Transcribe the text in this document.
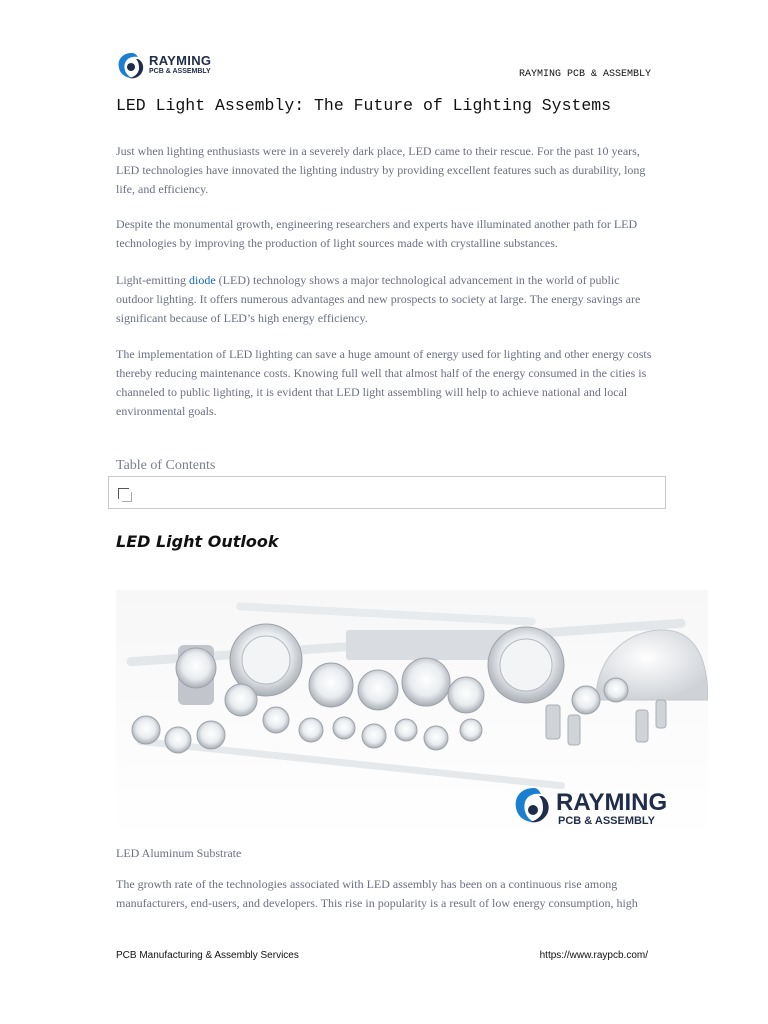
RAYMING
PCB & ASSEMBLY	RAYMING PCB & ASSEMBLY
LED Light Assembly: The Future of Lighting Systems

Just when lighting enthusiasts were in a severely dark place, LED came to their rescue. For the past 10 years, LED technologies have innovated the lighting industry by providing excellent features such as durability, long life, and efficiency.

Despite the monumental growth, engineering researchers and experts have illuminated another path for LED technologies by improving the production of light sources made with crystalline substances.

Light-emitting diode (LED) technology shows a major technological advancement in the world of public outdoor lighting. It offers numerous advantages and new prospects to society at large. The energy savings are significant because of LED’s high energy efficiency.

The implementation of LED lighting can save a huge amount of energy used for lighting and other energy costs thereby reducing maintenance costs. Knowing full well that almost half of the energy consumed in the cities is channeled to public lighting, it is evident that LED light assembling will help to achieve national and local environmental goals.

Table of Contents
LED Light Outlook
RAYMING
PCB & ASSEMBLY
LED Aluminum Substrate

The growth rate of the technologies associated with LED assembly has been on a continuous rise among manufacturers, end-users, and developers. This rise in popularity is a result of low energy consumption, high

PCB Manufacturing & Assembly Services	https://www.raypcb.com/
